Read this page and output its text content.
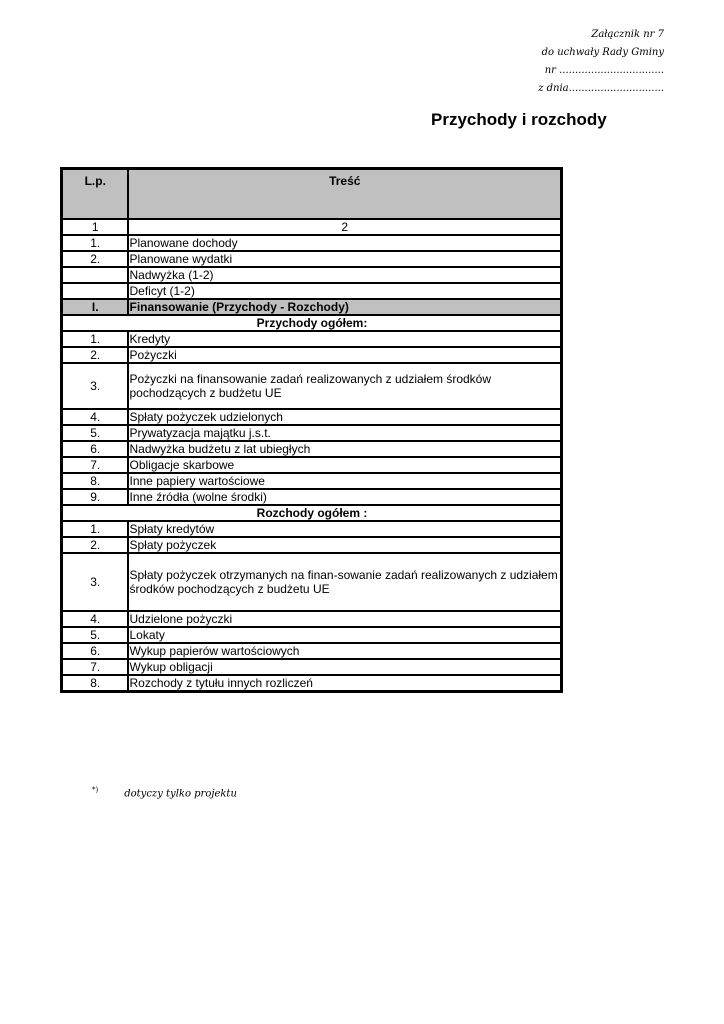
Załącznik nr 7
do uchwały Rady Gminy
nr .................................
z dnia..............................
Przychody i rozchody
L.p.	Treść
1	2
1.	Planowane dochody
2.	Planowane wydatki
	Nadwyżka (1-2)
	Deficyt (1-2)
I.	Finansowanie (Przychody - Rozchody)
Przychody ogółem:	
1.	Kredyty
2.	Pożyczki
3.	Pożyczki na finansowanie zadań realizowanych z udziałem środków pochodzących z budżetu UE
4.	Spłaty pożyczek udzielonych
5.	Prywatyzacja majątku j.s.t.
6.	Nadwyżka budżetu z lat ubiegłych
7.	Obligacje skarbowe
8.	Inne papiery wartościowe
9.	Inne źródła (wolne środki)
Rozchody ogółem :	
1.	Spłaty kredytów
2.	Spłaty pożyczek
3.	Spłaty pożyczek otrzymanych na finan-sowanie zadań realizowanych z udziałem środków pochodzących z budżetu UE
4.	Udzielone pożyczki
5.	Lokaty
6.	Wykup papierów wartościowych
7.	Wykup obligacji
8.	Rozchody z tytułu innych rozliczeń
*)	dotyczy tylko projektu
